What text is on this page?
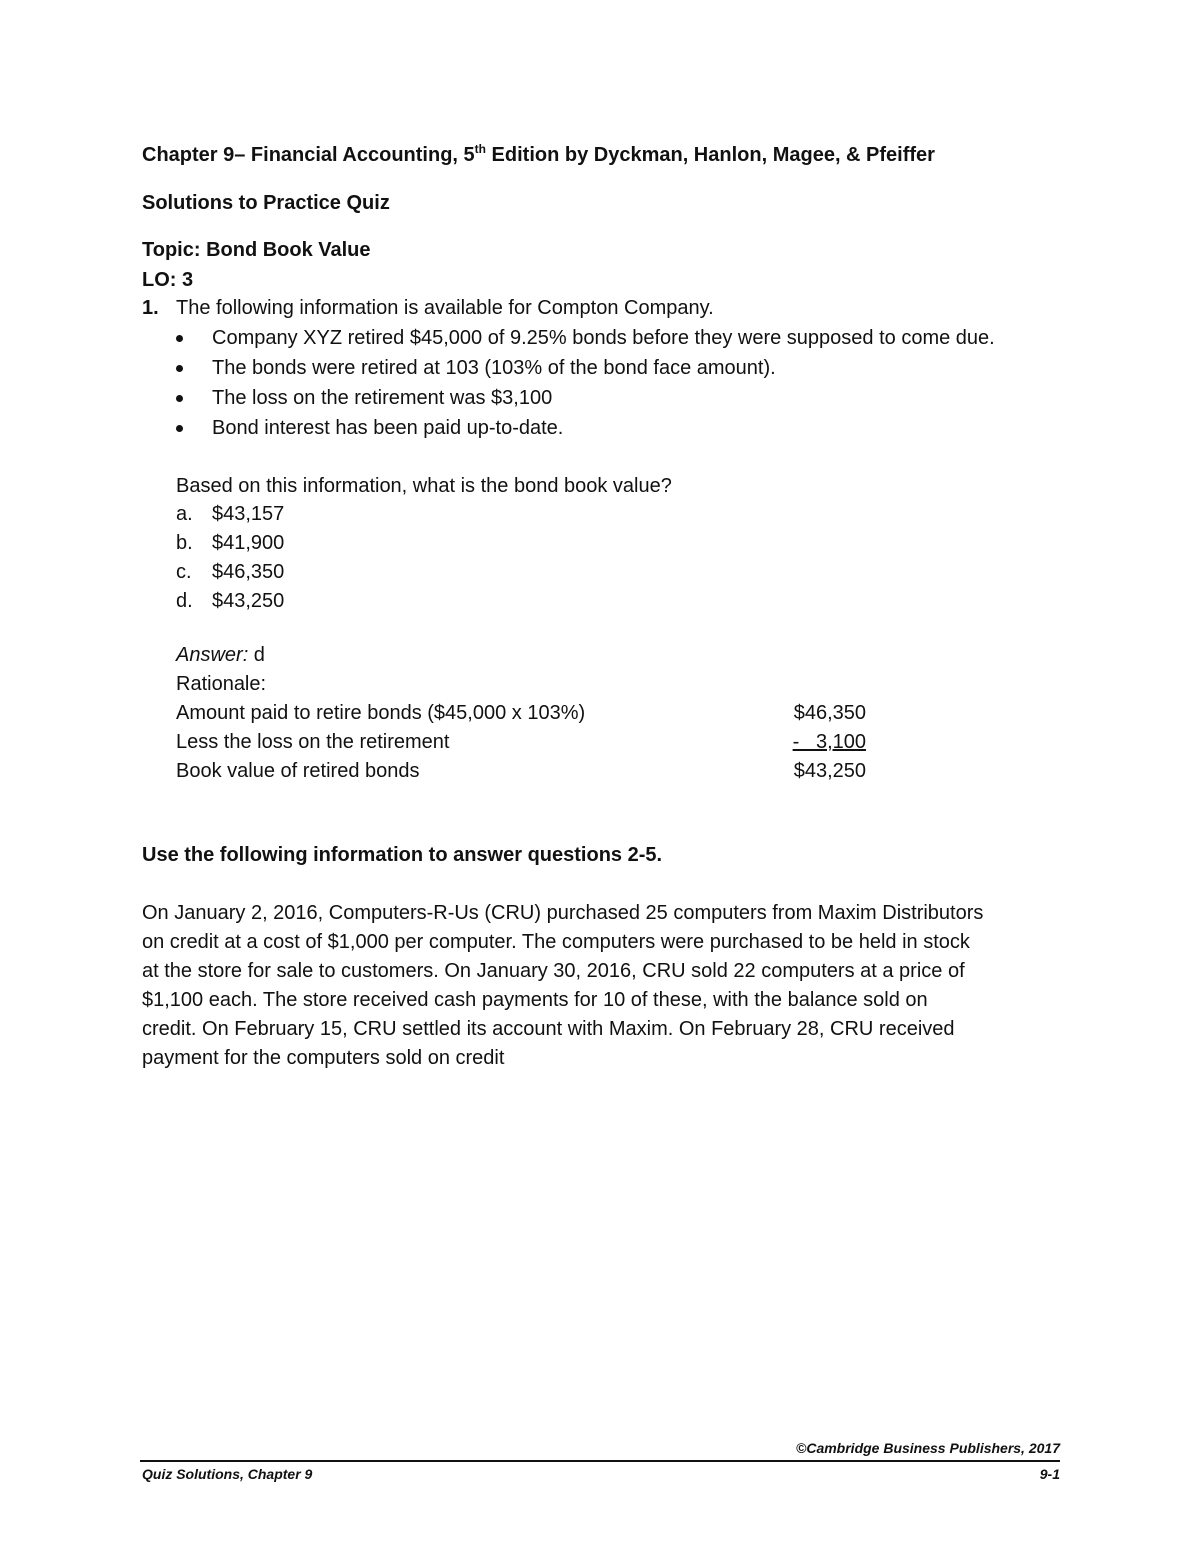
Chapter 9– Financial Accounting, 5th Edition by Dyckman, Hanlon, Magee, & Pfeiffer
Solutions to Practice Quiz
Topic: Bond Book Value
LO: 3
1. The following information is available for Compton Company.
Company XYZ retired $45,000 of 9.25% bonds before they were supposed to come due.
The bonds were retired at 103 (103% of the bond face amount).
The loss on the retirement was $3,100
Bond interest has been paid up-to-date.
Based on this information, what is the bond book value?
a. $43,157
b. $41,900
c. $46,350
d. $43,250
Answer: d
Rationale:
Amount paid to retire bonds ($45,000 x 103%)	$46,350
Less the loss on the retirement	-   3,100
Book value of retired bonds	$43,250
Use the following information to answer questions 2-5.
On January 2, 2016, Computers-R-Us (CRU) purchased 25 computers from Maxim Distributors
on credit at a cost of $1,000 per computer. The computers were purchased to be held in stock
at the store for sale to customers. On January 30, 2016, CRU sold 22 computers at a price of
$1,100 each. The store received cash payments for 10 of these, with the balance sold on
credit. On February 15, CRU settled its account with Maxim. On February 28, CRU received
payment for the computers sold on credit
©Cambridge Business Publishers, 2017
Quiz Solutions, Chapter 9	9-1
